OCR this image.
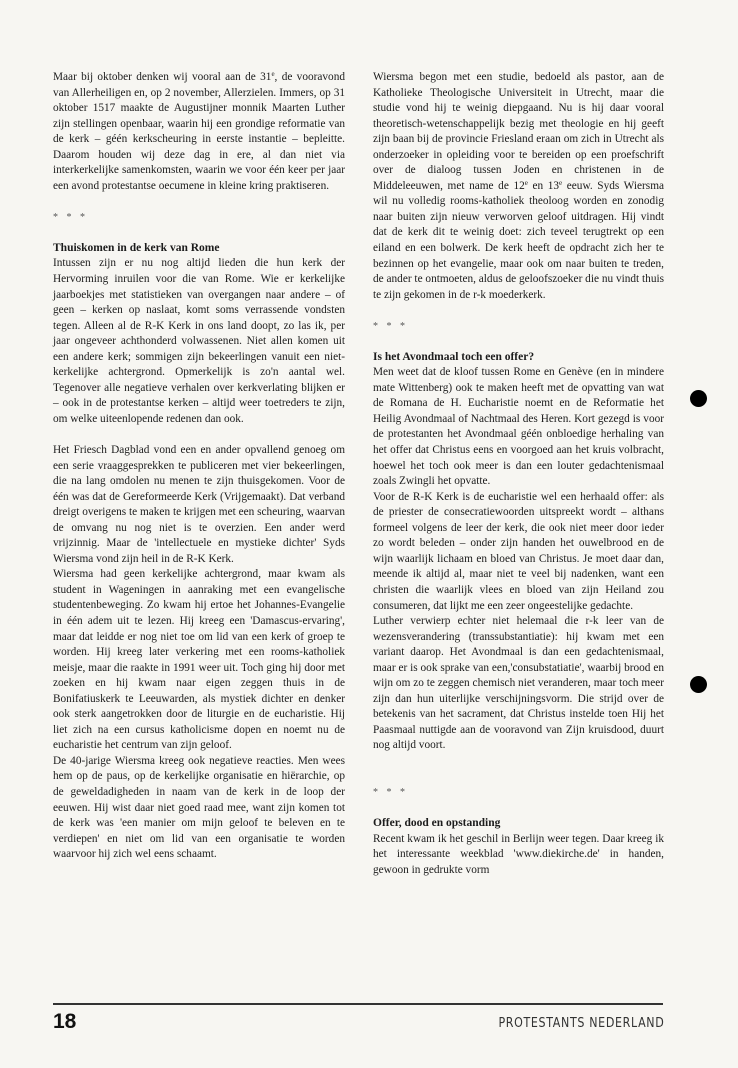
Maar bij oktober denken wij vooral aan de 31e, de vooravond van Allerheiligen en, op 2 november, Allerzielen. Immers, op 31 oktober 1517 maakte de Augustijner monnik Maarten Luther zijn stellingen openbaar, waarin hij een grondige reformatie van de kerk – géén kerkscheuring in eerste instantie – bepleitte. Daarom houden wij deze dag in ere, al dan niet via interkerkelijke samenkomsten, waarin we voor één keer per jaar een avond protestantse oecumene in kleine kring praktiseren.

* * *

Thuiskomen in de kerk van Rome

Intussen zijn er nu nog altijd lieden die hun kerk der Hervorming inruilen voor die van Rome. Wie er kerkelijke jaarboekjes met statistieken van overgangen naar andere – of geen – kerken op naslaat, komt soms verrassende vondsten tegen. Alleen al de R-K Kerk in ons land doopt, zo las ik, per jaar ongeveer achthonderd volwassenen. Niet allen komen uit een andere kerk; sommigen zijn bekeerlingen vanuit een niet-kerkelijke achtergrond. Opmerkelijk is zo'n aantal wel. Tegenover alle negatieve verhalen over kerkverlating blijken er – ook in de protestantse kerken – altijd weer toetreders te zijn, om welke uiteenlopende redenen dan ook.

Het Friesch Dagblad vond een en ander opvallend genoeg om een serie vraaggesprekken te publiceren met vier bekeerlingen, die na lang omdolen nu menen te zijn thuisgekomen. Voor de één was dat de Gereformeerde Kerk (Vrijgemaakt). Dat verband dreigt overigens te maken te krijgen met een scheuring, waarvan de omvang nu nog niet is te overzien. Een ander werd vrijzinnig. Maar de 'intellectuele en mystieke dichter' Syds Wiersma vond zijn heil in de R-K Kerk.

Wiersma had geen kerkelijke achtergrond, maar kwam als student in Wageningen in aanraking met een evangelische studentenbeweging. Zo kwam hij ertoe het Johannes-Evangelie in één adem uit te lezen. Hij kreeg een 'Damascus-ervaring', maar dat leidde er nog niet toe om lid van een kerk of groep te worden. Hij kreeg later verkering met een rooms-katholiek meisje, maar die raakte in 1991 weer uit. Toch ging hij door met zoeken en hij kwam naar eigen zeggen thuis in de Bonifatiuskerk te Leeuwarden, als mystiek dichter en denker ook sterk aangetrokken door de liturgie en de eucharistie. Hij liet zich na een cursus katholicisme dopen en noemt nu de eucharistie het centrum van zijn geloof.

De 40-jarige Wiersma kreeg ook negatieve reacties. Men wees hem op de paus, op de kerkelijke organisatie en hiërarchie, op de geweldadigheden in naam van de kerk in de loop der eeuwen. Hij wist daar niet goed raad mee, want zijn komen tot de kerk was 'een manier om mijn geloof te beleven en te verdiepen' en niet om lid van een organisatie te worden waarvoor hij zich wel eens schaamt.

Wiersma begon met een studie, bedoeld als pastor, aan de Katholieke Theologische Universiteit in Utrecht, maar die studie vond hij te weinig diepgaand. Nu is hij daar vooral theoretisch-wetenschappelijk bezig met theologie en hij geeft zijn baan bij de provincie Friesland eraan om zich in Utrecht als onderzoeker in opleiding voor te bereiden op een proefschrift over de dialoog tussen Joden en christenen in de Middeleeuwen, met name de 12e en 13e eeuw. Syds Wiersma wil nu volledig rooms-katholiek theoloog worden en zonodig naar buiten zijn nieuw verworven geloof uitdragen. Hij vindt dat de kerk dit te weinig doet: zich teveel terugtrekt op een eiland en een bolwerk. De kerk heeft de opdracht zich her te bezinnen op het evangelie, maar ook om naar buiten te treden, de ander te ontmoeten, aldus de geloofszoeker die nu vindt thuis te zijn gekomen in de r-k moederkerk.

* * *

Is het Avondmaal toch een offer?

Men weet dat de kloof tussen Rome en Genève (en in mindere mate Wittenberg) ook te maken heeft met de opvatting van wat de Romana de H. Eucharistie noemt en de Reformatie het Heilig Avondmaal of Nachtmaal des Heren. Kort gezegd is voor de protestanten het Avondmaal géén onbloedige herhaling van het offer dat Christus eens en voorgoed aan het kruis volbracht, hoewel het toch ook meer is dan een louter gedachtenismaal zoals Zwingli het opvatte.

Voor de R-K Kerk is de eucharistie wel een herhaald offer: als de priester de consecratiewoorden uitspreekt wordt – althans formeel volgens de leer der kerk, die ook niet meer door ieder zo wordt beleden – onder zijn handen het ouwelbrood en de wijn waarlijk lichaam en bloed van Christus. Je moet daar dan, meende ik altijd al, maar niet te veel bij nadenken, want een christen die waarlijk vlees en bloed van zijn Heiland zou consumeren, dat lijkt me een zeer ongeestelijke gedachte.

Luther verwierp echter niet helemaal die r-k leer van de wezensverandering (transsubstantiatie): hij kwam met een variant daarop. Het Avondmaal is dan een gedachtenismaal, maar er is ook sprake van een,'consubstatiatie', waarbij brood en wijn om zo te zeggen chemisch niet veranderen, maar toch meer zijn dan hun uiterlijke verschijningsvorm. Die strijd over de betekenis van het sacrament, dat Christus instelde toen Hij het Paasmaal nuttigde aan de vooravond van Zijn kruisdood, duurt nog altijd voort.

* * *

Offer, dood en opstanding

Recent kwam ik het geschil in Berlijn weer tegen. Daar kreeg ik het interessante weekblad 'www.diekirche.de' in handen, gewoon in gedrukte vorm

18	PROTESTANTS NEDERLAND
